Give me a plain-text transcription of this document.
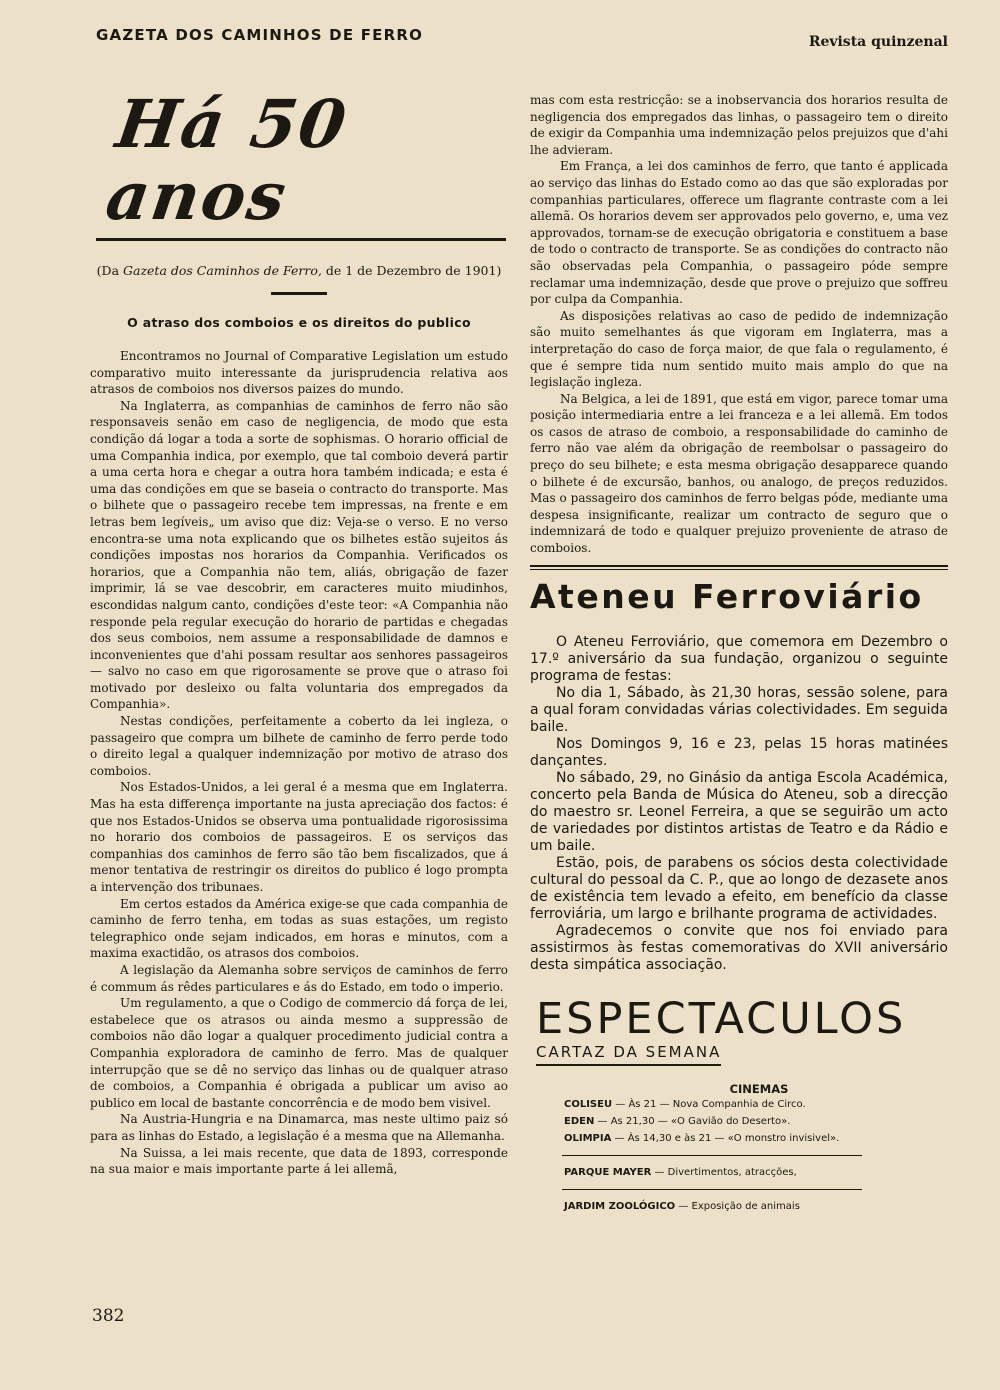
GAZETA DOS CAMINHOS DE FERRO	Revista quinzenal
Há 50 anos
(Da Gazeta dos Caminhos de Ferro, de 1 de Dezembro de 1901)
O atraso dos comboios e os direitos do publico

Encontramos no Journal of Comparative Legislation um estudo comparativo muito interessante da jurisprudencia relativa aos atrasos de comboios nos diversos paizes do mundo.

Na Inglaterra, as companhias de caminhos de ferro não são responsaveis senão em caso de negligencia, de modo que esta condição dá logar a toda a sorte de sophismas. O horario official de uma Companhia indica, por exemplo, que tal comboio deverá partir a uma certa hora e chegar a outra hora também indicada; e esta é uma das condições em que se baseia o contracto do transporte. Mas o bilhete que o passageiro recebe tem impressas, na frente e em letras bem legíveis„ um aviso que diz: Veja-se o verso. E no verso encontra-se uma nota explicando que os bilhetes estão sujeitos ás condições impostas nos horarios da Companhia. Verificados os horarios, que a Companhia não tem, aliás, obrigação de fazer imprimir, lá se vae descobrir, em caracteres muito miudinhos, escondidas nalgum canto, condições d'este teor: «A Companhia não responde pela regular execução do horario de partidas e chegadas dos seus comboios, nem assume a responsabilidade de damnos e inconvenientes que d'ahi possam resultar aos senhores passageiros — salvo no caso em que rigorosamente se prove que o atraso foi motivado por desleixo ou falta voluntaria dos empregados da Companhia».

Nestas condições, perfeitamente a coberto da lei ingleza, o passageiro que compra um bilhete de caminho de ferro perde todo o direito legal a qualquer indemnização por motivo de atraso dos comboios.

Nos Estados-Unidos, a lei geral é a mesma que em Inglaterra. Mas ha esta differença importante na justa apreciação dos factos: é que nos Estados-Unidos se observa uma pontualidade rigorosissima no horario dos comboios de passageiros. E os serviços das companhias dos caminhos de ferro são tão bem fiscalizados, que á menor tentativa de restringir os direitos do publico é logo prompta a intervenção dos tribunaes.

Em certos estados da América exige-se que cada companhia de caminho de ferro tenha, em todas as suas estações, um registo telegraphico onde sejam indicados, em horas e minutos, com a maxima exactidão, os atrasos dos comboios.

A legislação da Alemanha sobre serviços de caminhos de ferro é commum ás rêdes particulares e ás do Estado, em todo o imperio.

Um regulamento, a que o Codigo de commercio dá força de lei, estabelece que os atrasos ou ainda mesmo a suppressão de comboios não dão logar a qualquer procedimento judicial contra a Companhia exploradora de caminho de ferro. Mas de qualquer interrupção que se dê no serviço das linhas ou de qualquer atraso de comboios, a Companhia é obrigada a publicar um aviso ao publico em local de bastante concorrência e de modo bem visivel.

Na Austria-Hungria e na Dinamarca, mas neste ultimo paiz só para as linhas do Estado, a legislação é a mesma que na Allemanha.

Na Suissa, a lei mais recente, que data de 1893, corresponde na sua maior e mais importante parte á lei allemã,

mas com esta restricção: se a inobservancia dos horarios resulta de negligencia dos empregados das linhas, o passageiro tem o direito de exigir da Companhia uma indemnização pelos prejuizos que d'ahi lhe advieram.

Em França, a lei dos caminhos de ferro, que tanto é applicada ao serviço das linhas do Estado como ao das que são exploradas por companhias particulares, offerece um flagrante contraste com a lei allemã. Os horarios devem ser approvados pelo governo, e, uma vez approvados, tornam-se de execução obrigatoria e constituem a base de todo o contracto de transporte. Se as condições do contracto não são observadas pela Companhia, o passageiro póde sempre reclamar uma indemnização, desde que prove o prejuizo que soffreu por culpa da Companhia.

As disposições relativas ao caso de pedido de indemnização são muito semelhantes ás que vigoram em Inglaterra, mas a interpretação do caso de força maior, de que fala o regulamento, é que é sempre tida num sentido muito mais amplo do que na legislação ingleza.

Na Belgica, a lei de 1891, que está em vigor, parece tomar uma posição intermediaria entre a lei franceza e a lei allemã. Em todos os casos de atraso de comboio, a responsabilidade do caminho de ferro não vae além da obrigação de reembolsar o passageiro do preço do seu bilhete; e esta mesma obrigação desapparece quando o bilhete é de excursão, banhos, ou analogo, de preços reduzidos. Mas o passageiro dos caminhos de ferro belgas póde, mediante uma despesa insignificante, realizar um contracto de seguro que o indemnizará de todo e qualquer prejuizo proveniente de atraso de comboios.

Ateneu Ferroviário

O Ateneu Ferroviário, que comemora em Dezembro o 17.º aniversário da sua fundação, organizou o seguinte programa de festas:

No dia 1, Sábado, às 21,30 horas, sessão solene, para a qual foram convidadas várias colectividades. Em seguida baile.

Nos Domingos 9, 16 e 23, pelas 15 horas matinées dançantes.

No sábado, 29, no Ginásio da antiga Escola Académica, concerto pela Banda de Música do Ateneu, sob a direcção do maestro sr. Leonel Ferreira, a que se seguirão um acto de variedades por distintos artistas de Teatro e da Rádio e um baile.

Estão, pois, de parabens os sócios desta colectividade cultural do pessoal da C. P., que ao longo de dezasete anos de existência tem levado a efeito, em benefício da classe ferroviária, um largo e brilhante programa de actividades.

Agradecemos o convite que nos foi enviado para assistirmos às festas comemorativas do XVII aniversário desta simpática associação.

ESPECTACULOS
CARTAZ DA SEMANA
CINEMAS
COLISEU — Às 21 — Nova Companhia de Circo.
EDEN — As 21,30 — «O Gavião do Deserto».
OLIMPIA — Às 14,30 e às 21 — «O monstro invisivel».
PARQUE MAYER — Divertimentos, atracções,
JARDIM ZOOLÓGICO — Exposição de animais
382
